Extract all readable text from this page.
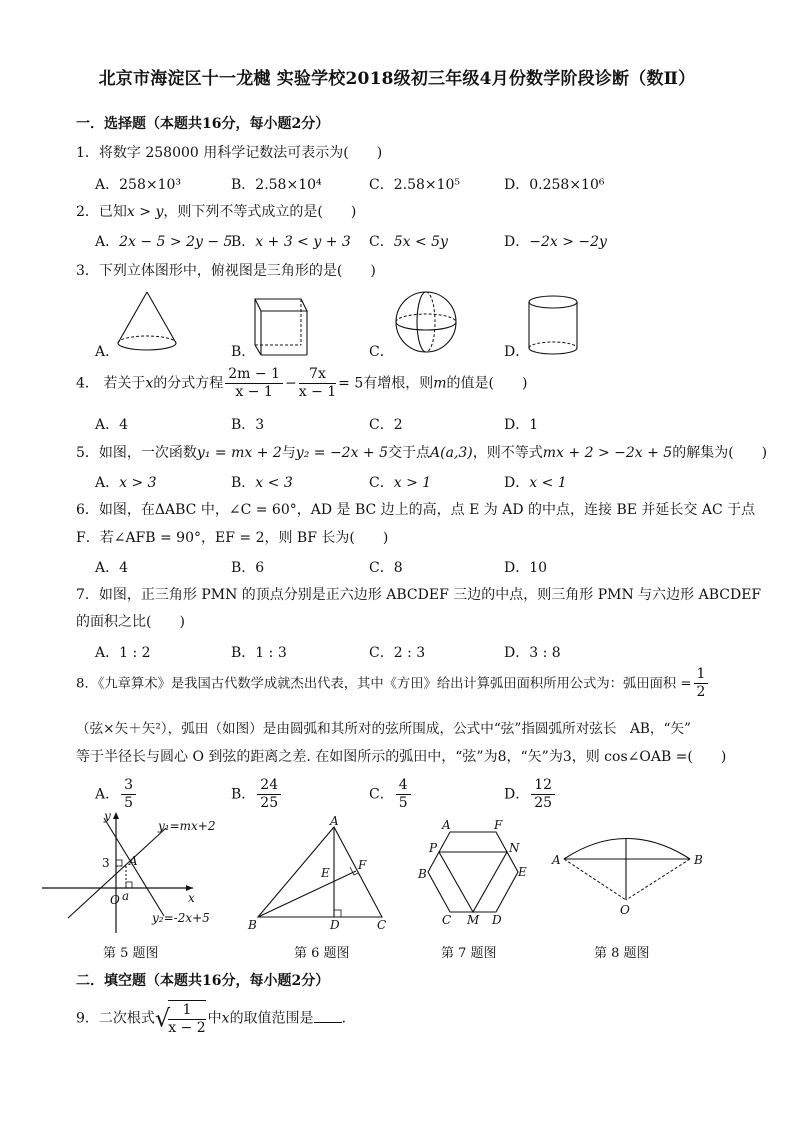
北京市海淀区十一龙樾 实验学校2018级初三年级4月份数学阶段诊断（数Ⅱ）
一．选择题（本题共16分，每小题2分）
1．将数字 258000 用科学记数法可表示为(　　)
A．258×10³	B．2.58×10⁴	C．2.58×10⁵	D．0.258×10⁶
2．已知x > y，则下列不等式成立的是(　　)
A．2x − 5 > 2y − 5
B．x + 3 < y + 3 C．5x < 5y	D．−2x > −2y
3．下列立体图形中，俯视图是三角形的是(　　)
A．	B．	C．	D．
4． 若关于x的分式方程 $\frac{2m - 1}{x - 1} - \frac{7x}{x - 1} = 5$有增根，则m的值是(　　)
A．4	B．3	C．2	D．1
5．如图，一次函数y₁ = mx + 2与y₂ = −2x + 5交于点A(a,3)，则不等式mx + 2 > −2x + 5的解集为(　　)
A．x > 3	B．x < 3	C．x > 1	D．x < 1
6．如图，在ΔABC 中，∠C = 60°，AD 是 BC 边上的高，点 E 为 AD 的中点，连接 BE 并延长交 AC 于点
F．若∠AFB = 90°，EF = 2，则 BF 长为(　　)
A．4	B．6	C．8	D．10
7．如图，正三角形 PMN 的顶点分别是正六边形 ABCDEF 三边的中点，则三角形 PMN 与六边形 ABCDEF
的面积之比(　　)
A．1 : 2	B．1 : 3	C．2 : 3	D．3 : 8
8．《九章算术》是我国古代数学成就杰出代表，其中《方田》给出计算弧田面积所用公式为：弧田面积 = $\frac{1}{2}$
（弦×矢＋矢²），弧田（如图）是由圆弧和其所对的弦所围成，公式中“弦”指圆弧所对弦长　AB，“矢”
等于半径长与圆心 O 到弦的距离之差. 在如图所示的弧田中，“弦”为8，“矢”为3，则 cos∠OAB =(　　)
A． $\frac{3}{5}$	B． $\frac{24}{25}$	C． $\frac{4}{5}$	D． $\frac{12}{25}$
y
x
O a
3 A
y₁=mx+2
y₂=-2x+5
第 5 题图
A
B	C
D
E
F
第 6 题图
A	F
P	N
B	E
C M D
第 7 题图
A	B
O
第 8 题图
二．填空题（本题共16分，每小题2分）
9．二次根式√
$\frac{1}{x - 2}$ 中x的取值范围是 .
